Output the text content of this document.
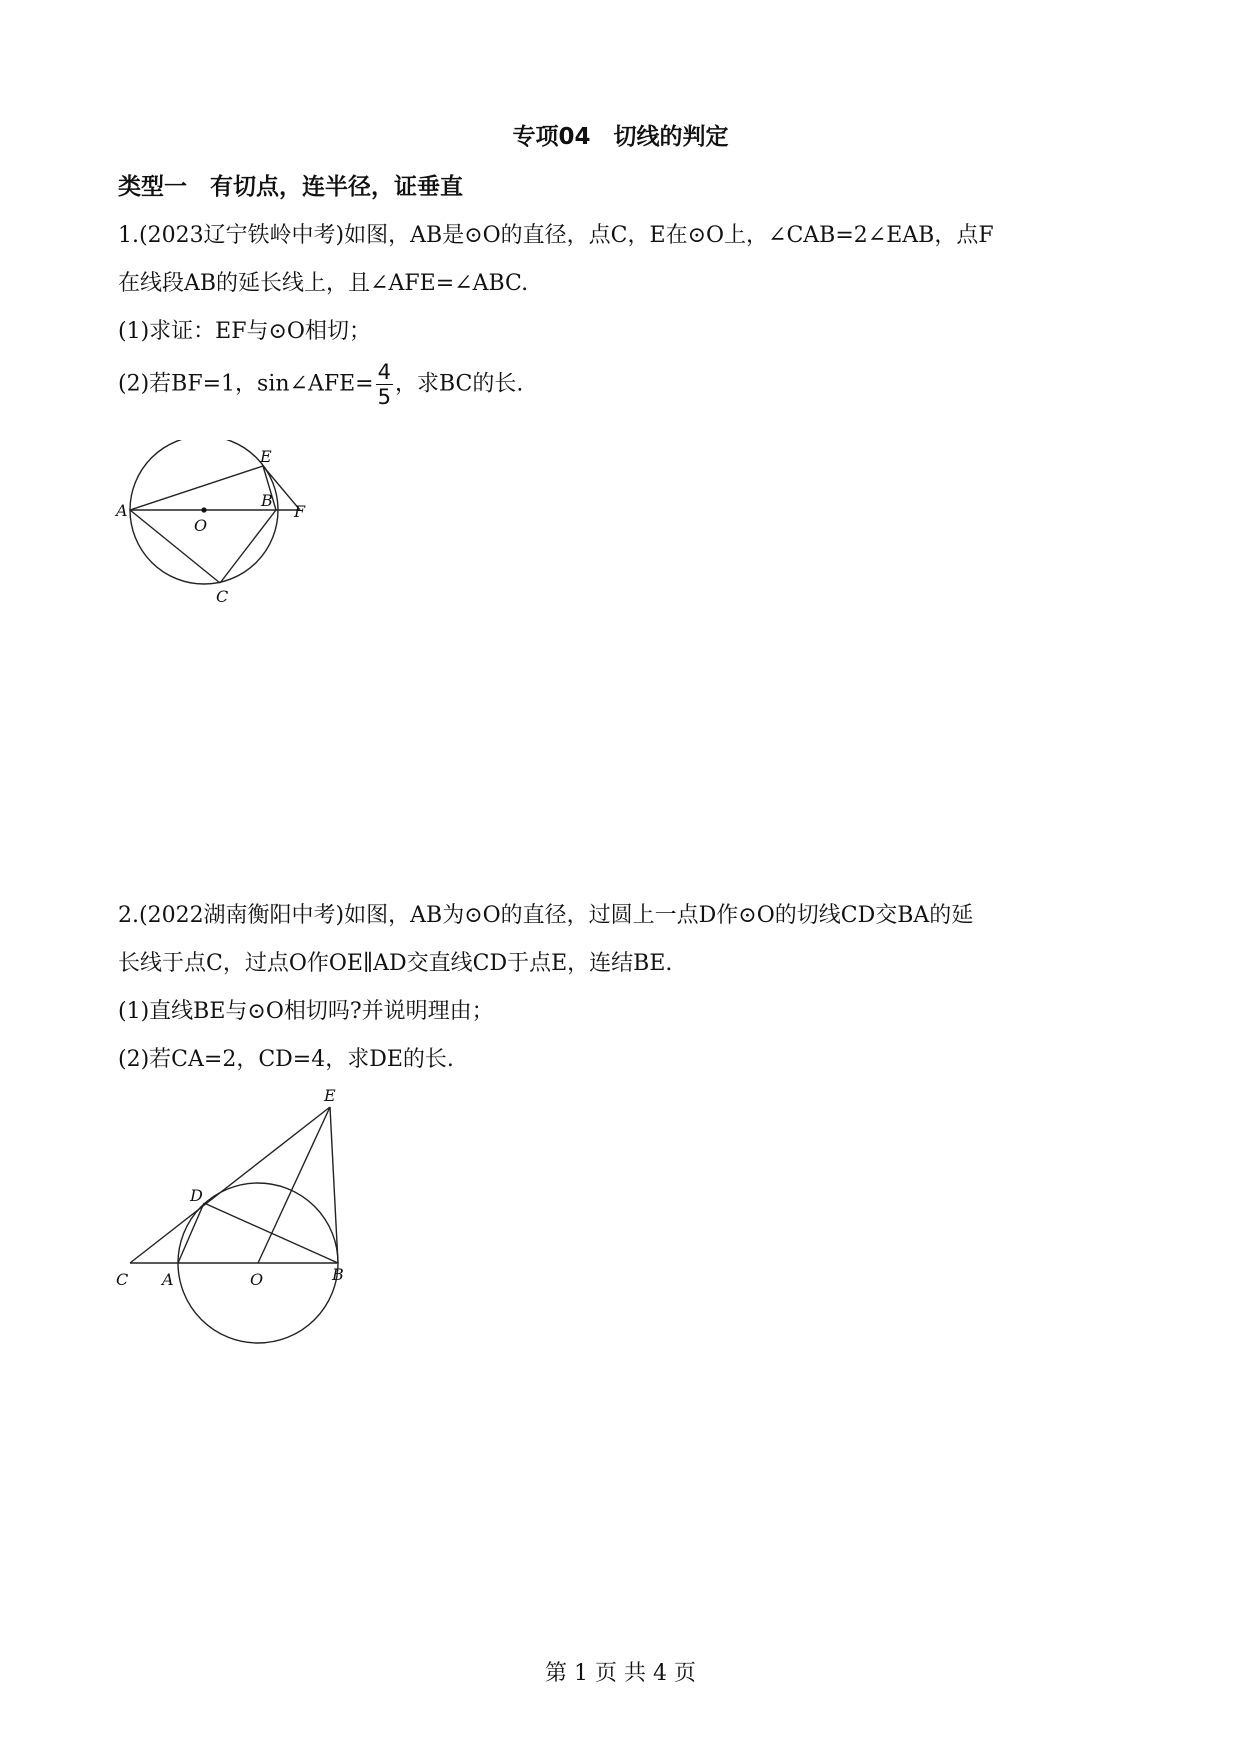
专项04　切线的判定
类型一　有切点，连半径，证垂直
1.(2023辽宁铁岭中考)如图，AB是⊙O的直径，点C，E在⊙O上，∠CAB=2∠EAB，点F
在线段AB的延长线上，且∠AFE=∠ABC.
(1)求证：EF与⊙O相切；
(2)若BF=1，sin∠AFE= $\frac{4}{5}$ ，求BC的长.
A
O
B
F
E
C
2.(2022湖南衡阳中考)如图，AB为⊙O的直径，过圆上一点D作⊙O的切线CD交BA的延
长线于点C，过点O作OE∥AD交直线CD于点E，连结BE.
(1)直线BE与⊙O相切吗?并说明理由；
(2)若CA=2，CD=4，求DE的长.
E
D
C A	O	B
第 1 页 共 4 页
